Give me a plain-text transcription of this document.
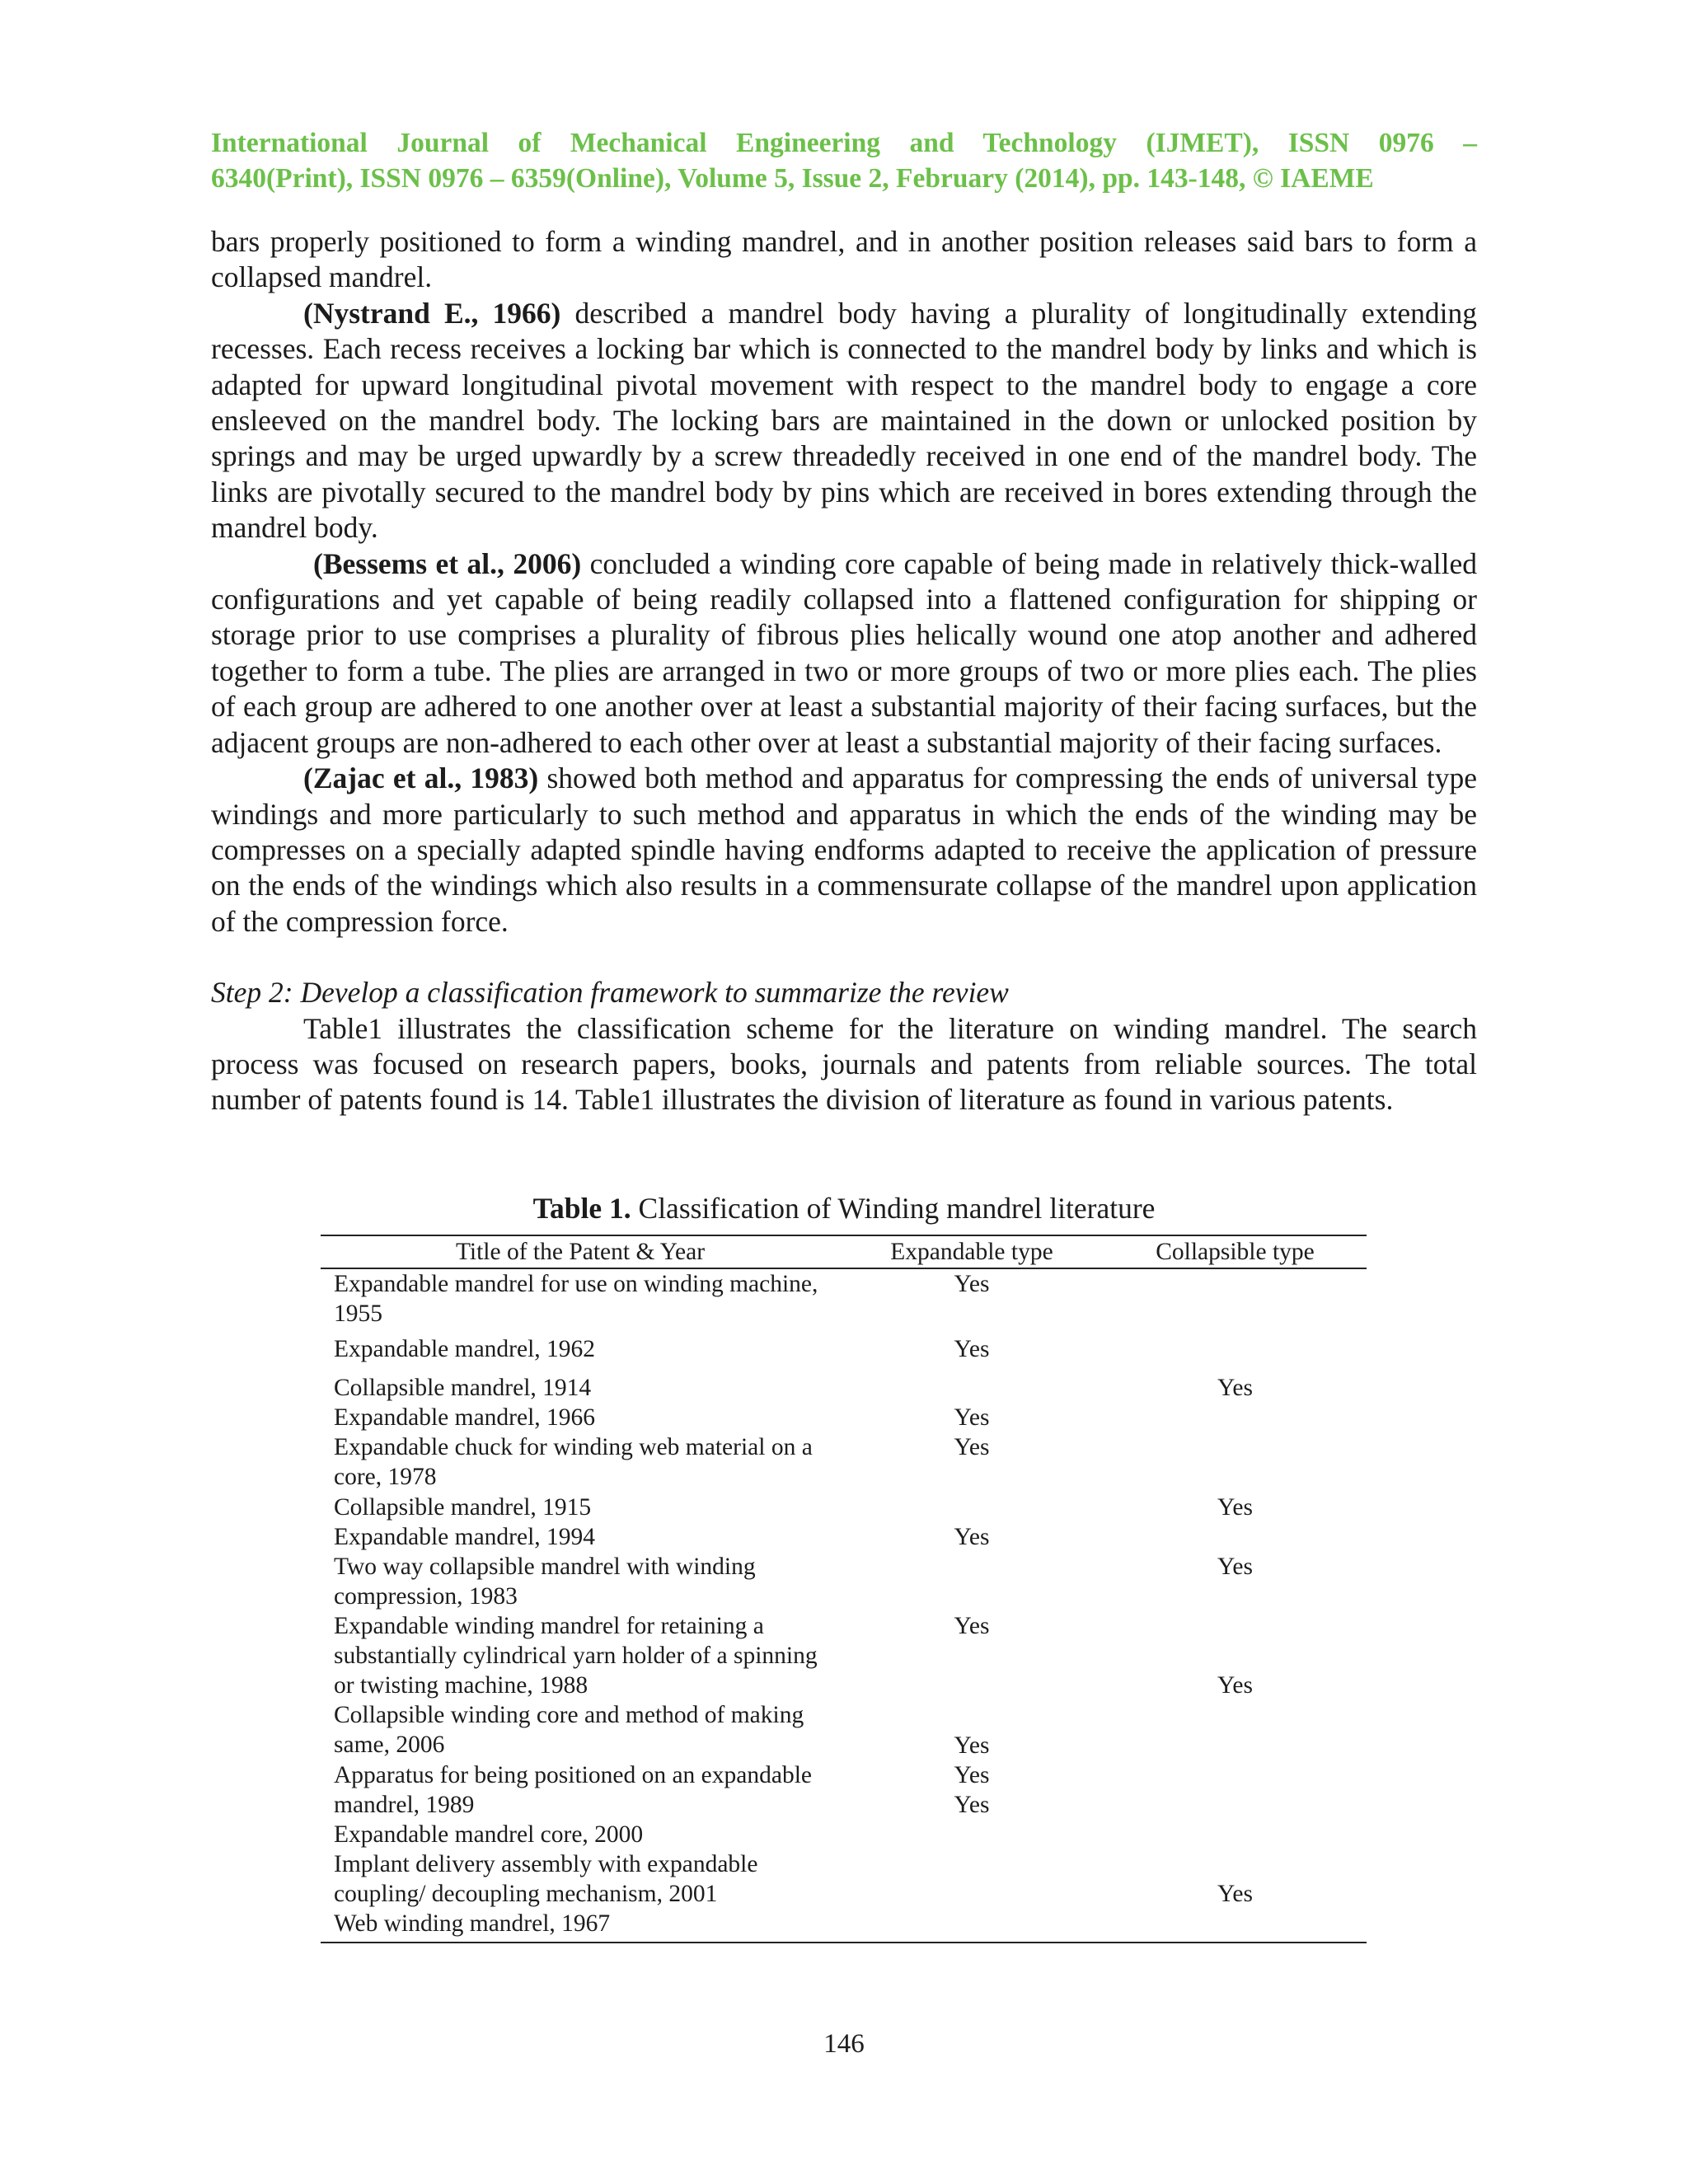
International Journal of Mechanical Engineering and Technology (IJMET), ISSN 0976 –
6340(Print), ISSN 0976 – 6359(Online), Volume 5, Issue 2, February (2014), pp. 143-148, © IAEME

bars properly positioned to form a winding mandrel, and in another position releases said bars to form a collapsed mandrel.

(Nystrand E., 1966) described a mandrel body having a plurality of longitudinally extending recesses. Each recess receives a locking bar which is connected to the mandrel body by links and which is adapted for upward longitudinal pivotal movement with respect to the mandrel body to engage a core ensleeved on the mandrel body. The locking bars are maintained in the down or unlocked position by springs and may be urged upwardly by a screw threadedly received in one end of the mandrel body. The links are pivotally secured to the mandrel body by pins which are received in bores extending through the mandrel body.

(Bessems et al., 2006) concluded a winding core capable of being made in relatively thick-walled configurations and yet capable of being readily collapsed into a flattened configuration for shipping or storage prior to use comprises a plurality of fibrous plies helically wound one atop another and adhered together to form a tube. The plies are arranged in two or more groups of two or more plies each. The plies of each group are adhered to one another over at least a substantial majority of their facing surfaces, but the adjacent groups are non-adhered to each other over at least a substantial majority of their facing surfaces.

(Zajac et al., 1983) showed both method and apparatus for compressing the ends of universal type windings and more particularly to such method and apparatus in which the ends of the winding may be compresses on a specially adapted spindle having endforms adapted to receive the application of pressure on the ends of the windings which also results in a commensurate collapse of the mandrel upon application of the compression force.

Step 2: Develop a classification framework to summarize the review

Table1 illustrates the classification scheme for the literature on winding mandrel. The search process was focused on research papers, books, journals and patents from reliable sources. The total number of patents found is 14. Table1 illustrates the division of literature as found in various patents.

Table 1. Classification of Winding mandrel literature
Title of the Patent & Year	Expandable type	Collapsible type
Expandable mandrel for use on winding machine,
1955
Expandable mandrel, 1962
Collapsible mandrel, 1914
Expandable mandrel, 1966
Expandable chuck for winding web material on a
core, 1978
Collapsible mandrel, 1915
Expandable mandrel, 1994
Two way collapsible mandrel with winding
compression, 1983
Expandable winding mandrel for retaining a
substantially cylindrical yarn holder of a spinning
or twisting machine, 1988
Collapsible winding core and method of making
same, 2006
Apparatus for being positioned on an expandable
mandrel, 1989
Expandable mandrel core, 2000
Implant delivery assembly with expandable
coupling/ decoupling mechanism, 2001
Web winding mandrel, 1967
Yes
Yes
Yes
Yes
Yes
Yes
Yes
Yes
Yes
Yes
Yes
Yes
Yes
Yes
146
